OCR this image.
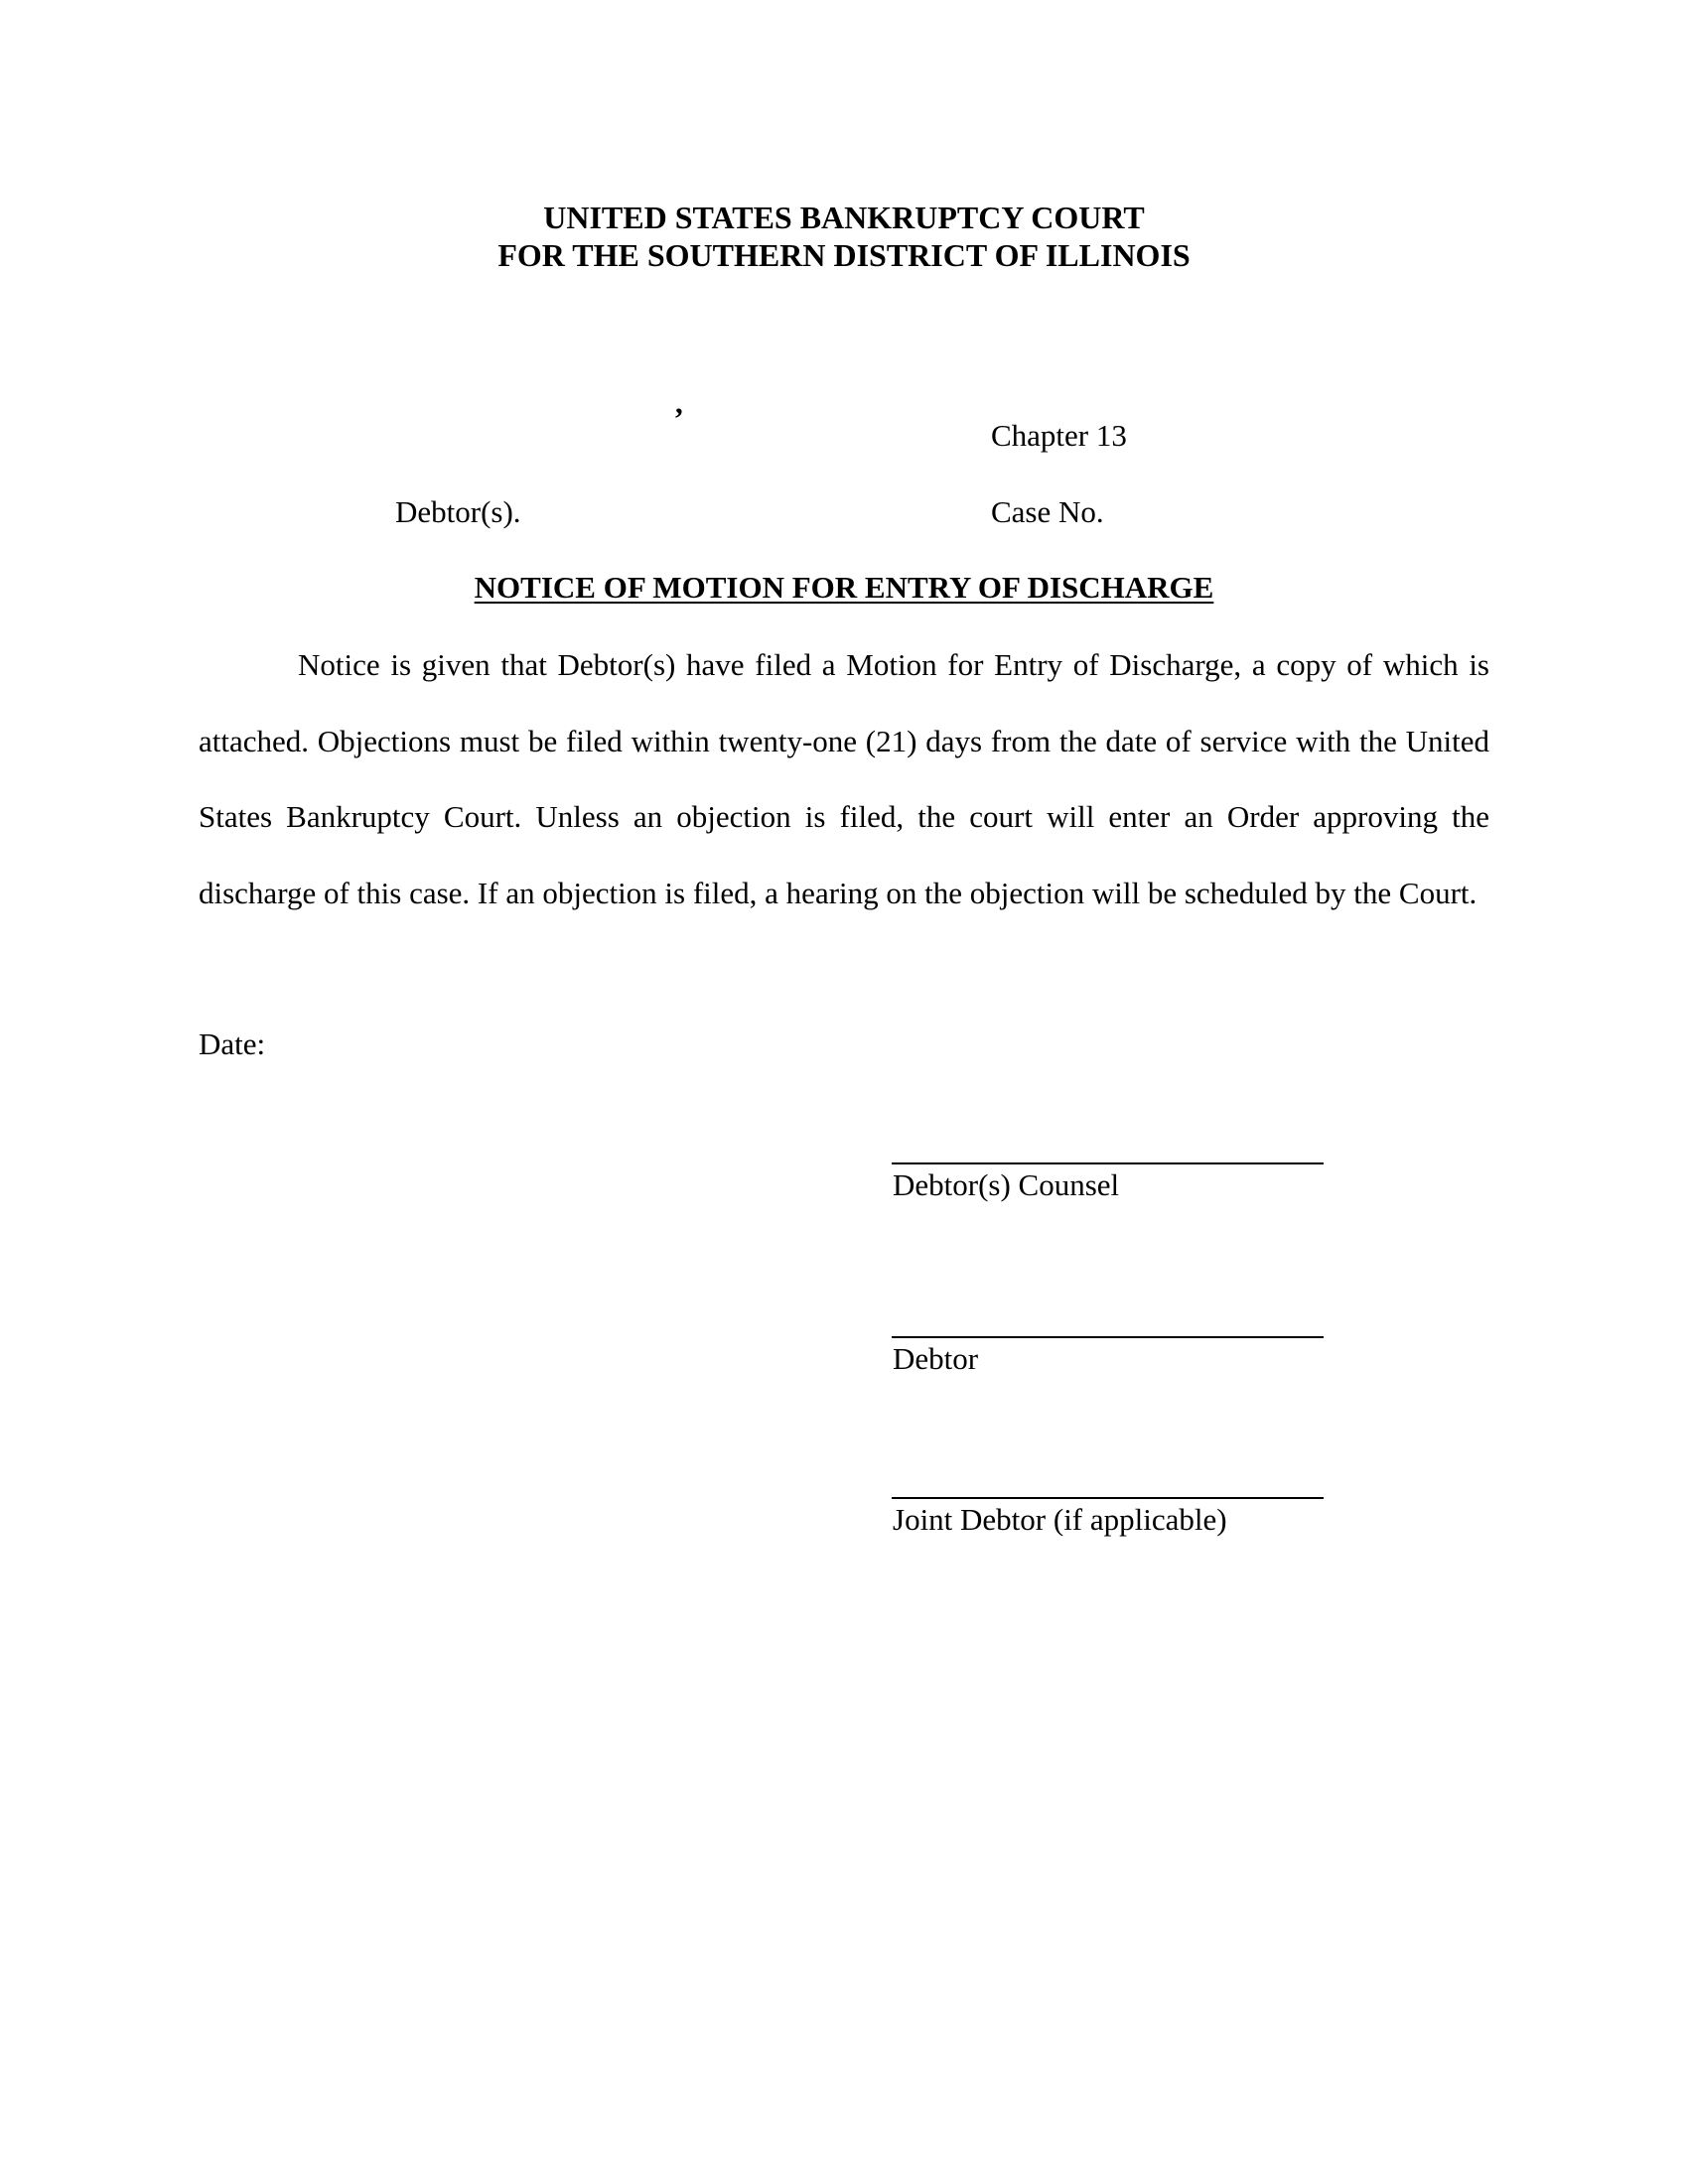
UNITED STATES BANKRUPTCY COURT
FOR THE SOUTHERN DISTRICT OF ILLINOIS
,
Chapter 13
Debtor(s).	Case No.
NOTICE OF MOTION FOR ENTRY OF DISCHARGE
Notice is given that Debtor(s) have filed a Motion for Entry of Discharge, a copy of which is attached. Objections must be filed within twenty-one (21) days from the date of service with the United States Bankruptcy Court. Unless an objection is filed, the court will enter an Order approving the discharge of this case. If an objection is filed, a hearing on the objection will be scheduled by the Court.
Date:
Debtor(s) Counsel
Debtor
Joint Debtor (if applicable)
